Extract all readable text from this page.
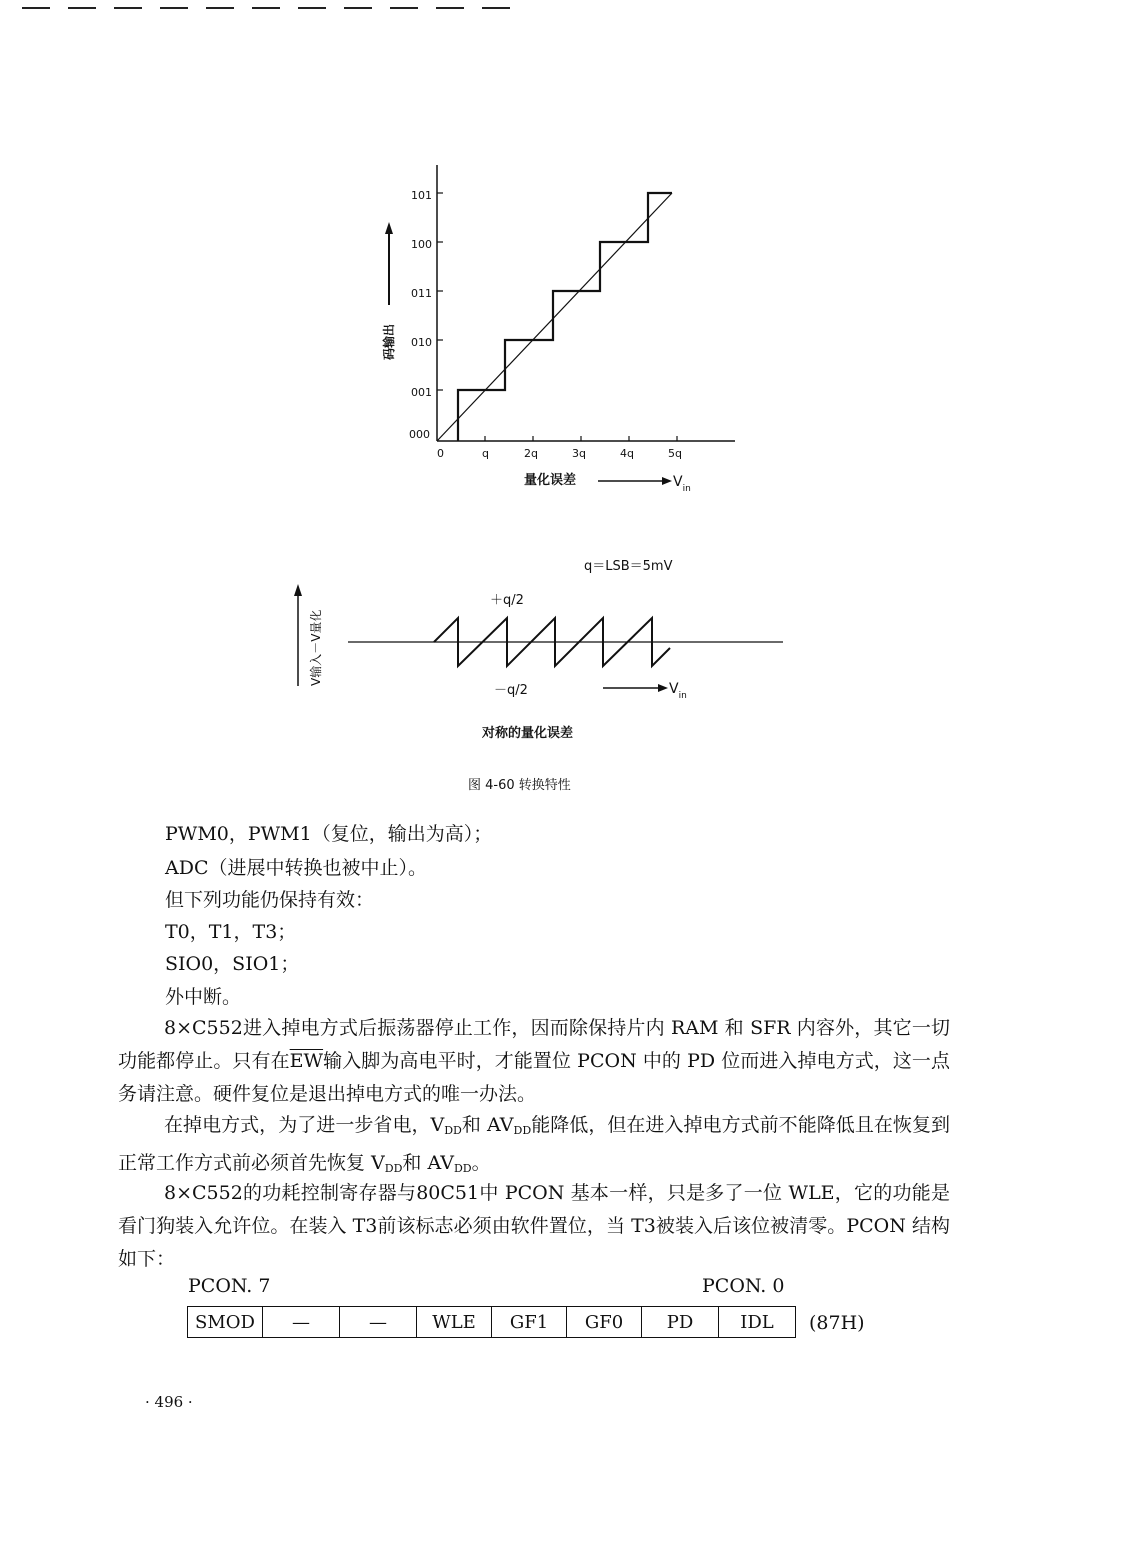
000
001
010
011
100
101
0	q	2q	3q	4q	5q
码输出
量化误差	$V_{in}$
q＝LSB＝5mV
＋q/2
－q/2
V输入－V量化
$V_{in}$
对称的量化误差
图 4-60 转换特性
PWM0，PWM1（复位，输出为高）；
ADC（进展中转换也被中止）。
但下列功能仍保持有效：
T0，T1，T3；
SIO0，SIO1；
外中断。
8×C552进入掉电方式后振荡器停止工作，因而除保持片内 RAM 和 SFR 内容外，其它一切功能都停止。只有在$\overline{EW}$输入脚为高电平时，才能置位 PCON 中的 PD 位而进入掉电方式，这一点务请注意。硬件复位是退出掉电方式的唯一办法。
在掉电方式，为了进一步省电，$V_{DD}$和 $AV_{DD}$能降低，但在进入掉电方式前不能降低且在恢复到正常工作方式前必须首先恢复 $V_{DD}$和 $AV_{DD}$。
8×C552的功耗控制寄存器与80C51中 PCON 基本一样，只是多了一位 WLE，它的功能是看门狗装入允许位。在装入 T3前该标志必须由软件置位，当 T3被装入后该位被清零。PCON 结构如下：
PCON. 7	PCON. 0
SMOD	—	—	WLE	GF1	GF0	PD	IDL (87H)
· 496 ·
